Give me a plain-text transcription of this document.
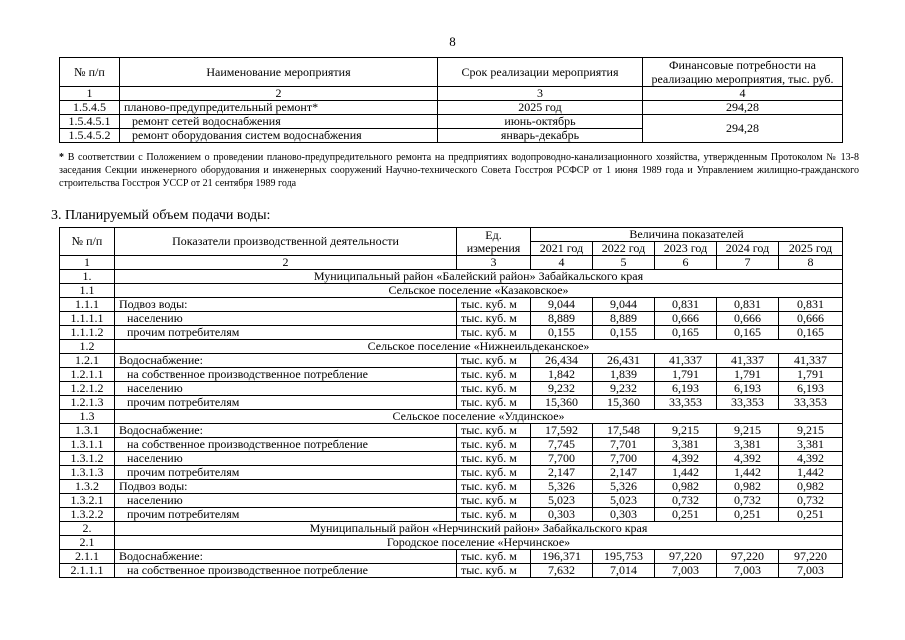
8
№ п/п	Наименование мероприятия	Срок реализации мероприятия	Финансовые потребности на реализацию мероприятия, тыс. руб.
1	2	3	4
1.5.4.5	планово-предупредительный ремонт*	2025 год	294,28
1.5.4.5.1	ремонт сетей водоснабжения	июнь-октябрь	294,28
1.5.4.5.2	ремонт оборудования систем водоснабжения	январь-декабрь	
* В соответствии с Положением о проведении планово-предупредительного ремонта на предприятиях водопроводно-канализационного хозяйства, утвержденным Протоколом № 13-8 заседания Секции инженерного оборудования и инженерных сооружений Научно-технического Совета Госстроя РСФСР от 1 июня 1989 года и Управлением жилищно-гражданского строительства Госстроя УССР от 21 сентября 1989 года
3. Планируемый объем подачи воды:
№ п/п	Показатели производственной деятельности	Ед. измерения	Величина показателей				
			2021 год	2022 год	2023 год	2024 год	2025 год
1	2	3	4	5	6	7	8
1.	Муниципальный район «Балейский район» Забайкальского края						
1.1	Сельское поселение «Казаковское»						
1.1.1	Подвоз воды:	тыс. куб. м	9,044	9,044	0,831	0,831	0,831
1.1.1.1	населению	тыс. куб. м	8,889	8,889	0,666	0,666	0,666
1.1.1.2	прочим потребителям	тыс. куб. м	0,155	0,155	0,165	0,165	0,165
1.2	Сельское поселение «Нижнеильдеканское»						
1.2.1	Водоснабжение:	тыс. куб. м	26,434	26,431	41,337	41,337	41,337
1.2.1.1	на собственное производственное потребление	тыс. куб. м	1,842	1,839	1,791	1,791	1,791
1.2.1.2	населению	тыс. куб. м	9,232	9,232	6,193	6,193	6,193
1.2.1.3	прочим потребителям	тыс. куб. м	15,360	15,360	33,353	33,353	33,353
1.3	Сельское поселение «Улдинское»						
1.3.1	Водоснабжение:	тыс. куб. м	17,592	17,548	9,215	9,215	9,215
1.3.1.1	на собственное производственное потребление	тыс. куб. м	7,745	7,701	3,381	3,381	3,381
1.3.1.2	населению	тыс. куб. м	7,700	7,700	4,392	4,392	4,392
1.3.1.3	прочим потребителям	тыс. куб. м	2,147	2,147	1,442	1,442	1,442
1.3.2	Подвоз воды:	тыс. куб. м	5,326	5,326	0,982	0,982	0,982
1.3.2.1	населению	тыс. куб. м	5,023	5,023	0,732	0,732	0,732
1.3.2.2	прочим потребителям	тыс. куб. м	0,303	0,303	0,251	0,251	0,251
2.	Муниципальный район «Нерчинский район» Забайкальского края						
2.1	Городское поселение «Нерчинское»						
2.1.1	Водоснабжение:	тыс. куб. м	196,371	195,753	97,220	97,220	97,220
2.1.1.1	на собственное производственное потребление	тыс. куб. м	7,632	7,014	7,003	7,003	7,003
